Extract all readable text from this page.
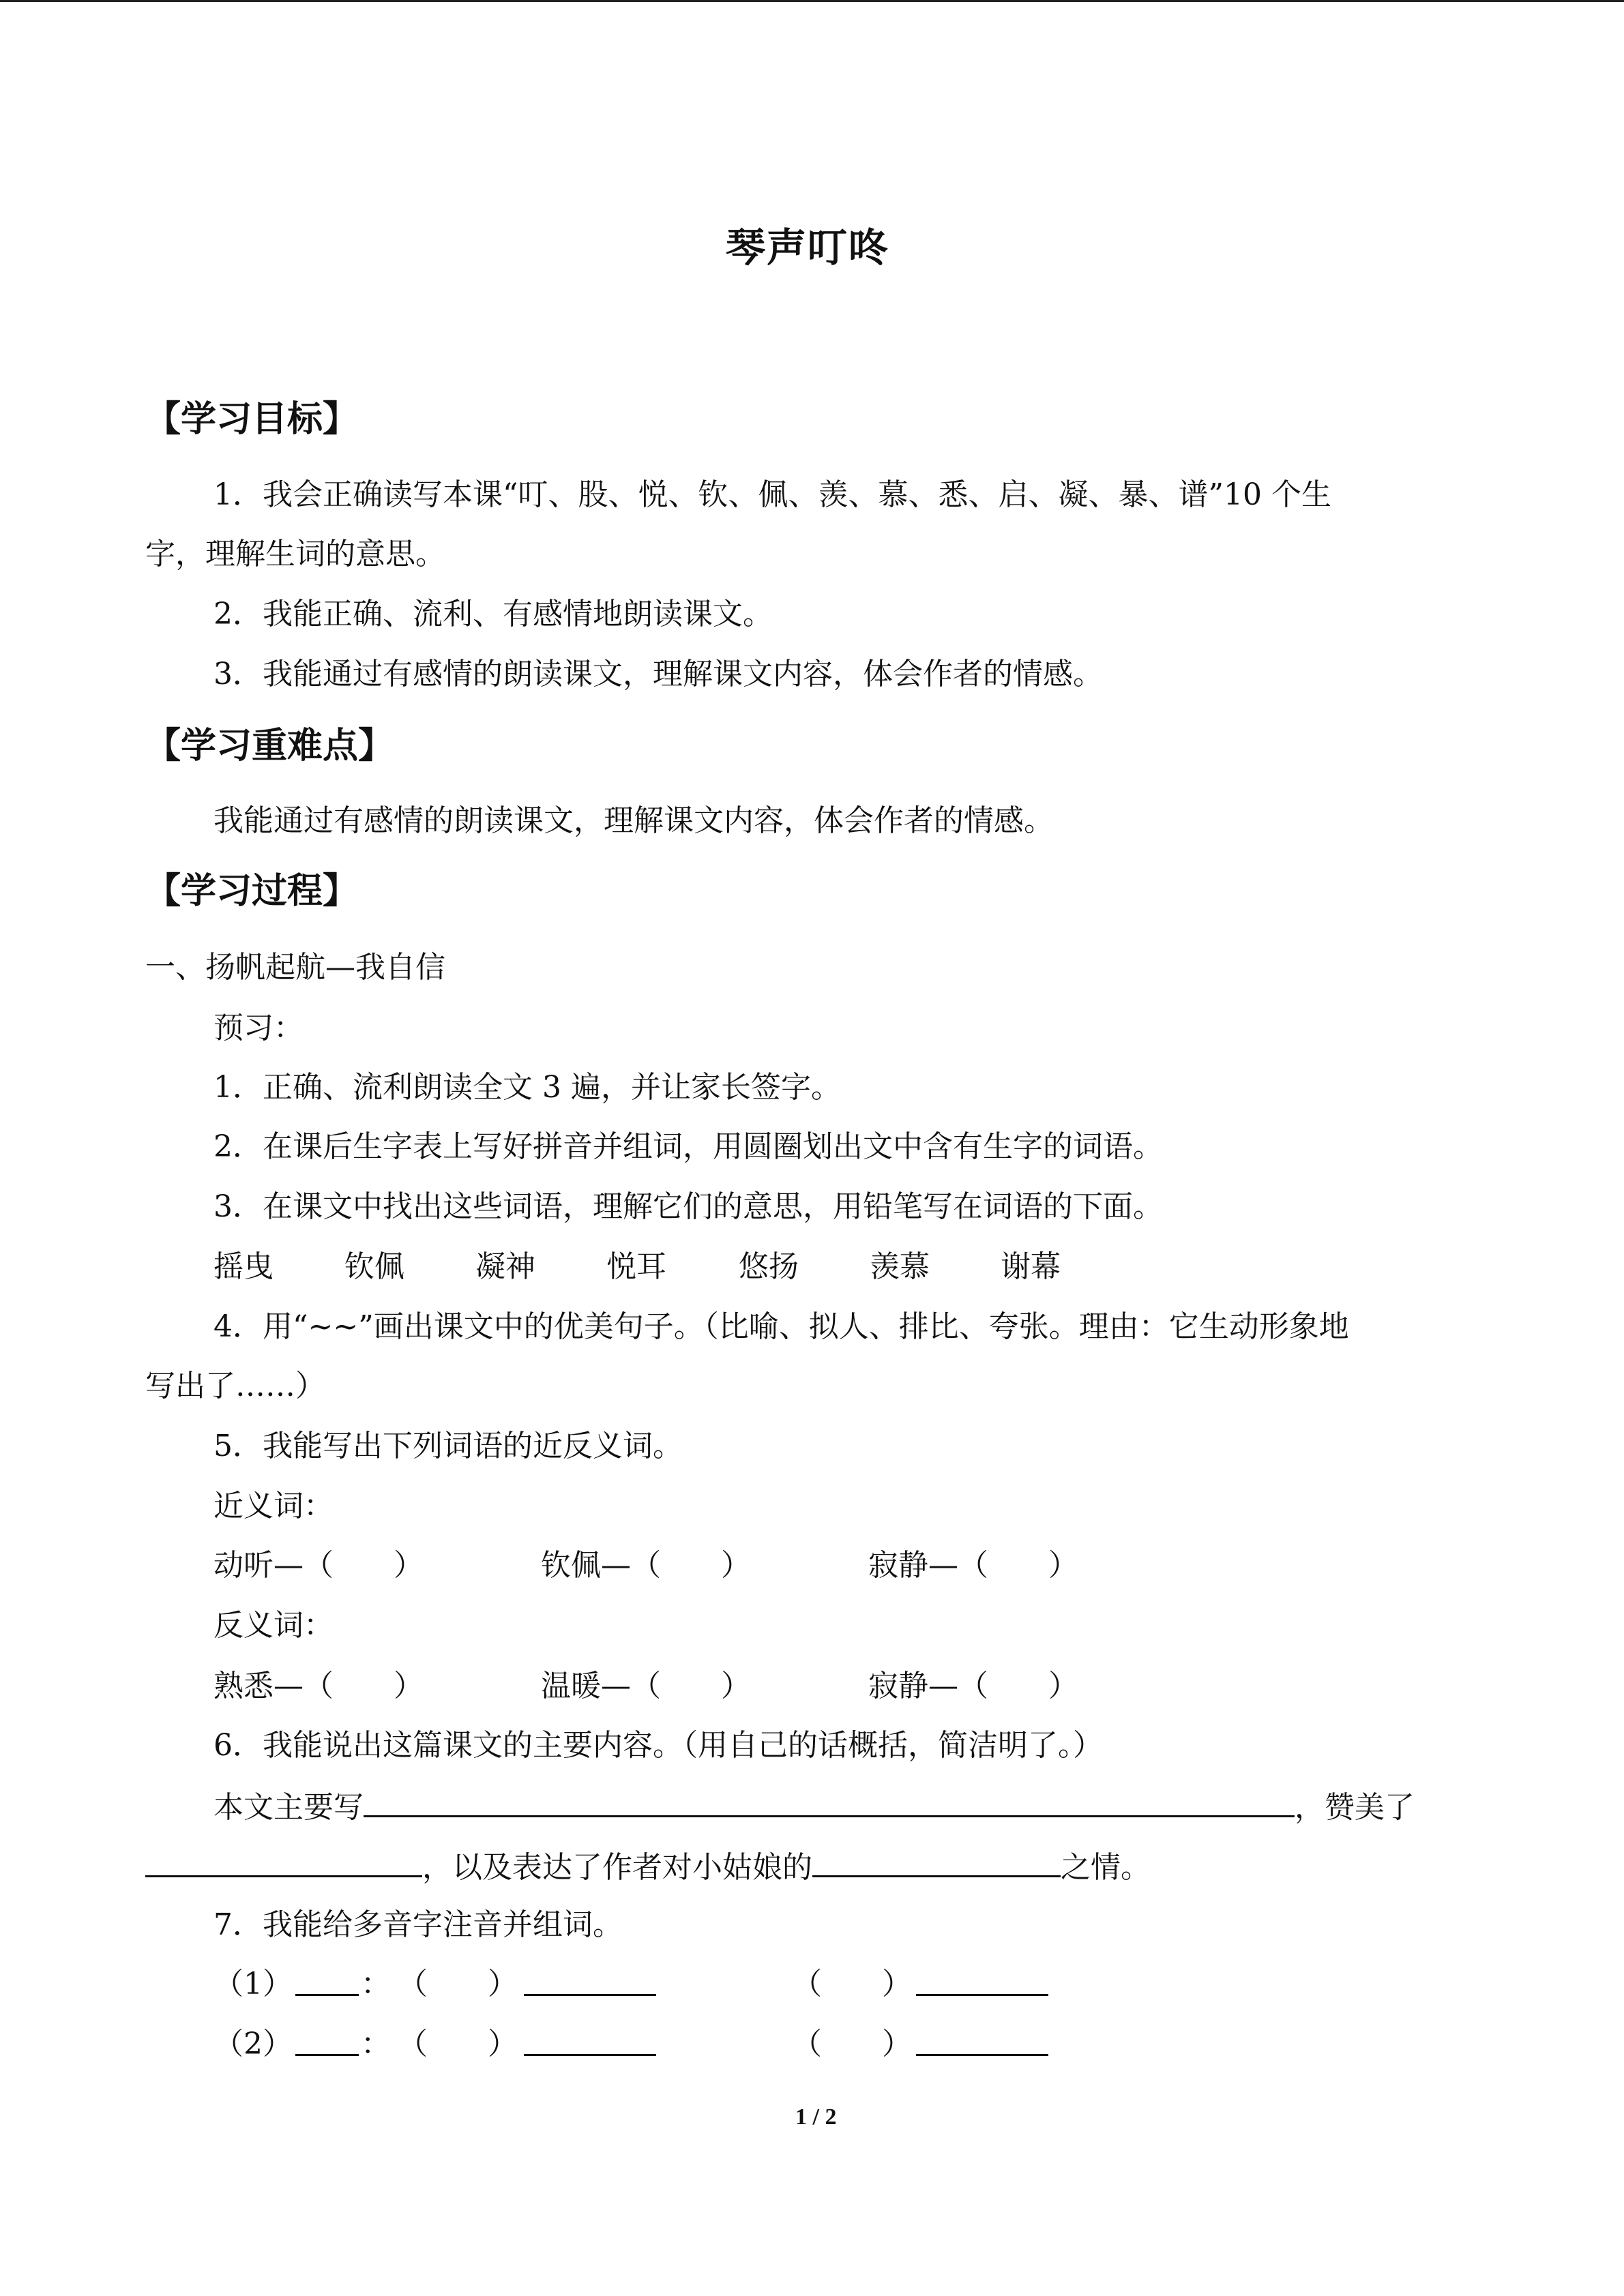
琴声叮咚
【学习目标】
1．我会正确读写本课“叮、股、悦、钦、佩、羡、慕、悉、启、凝、暴、谱”10 个生
字，理解生词的意思。
2．我能正确、流利、有感情地朗读课文。
3．我能通过有感情的朗读课文，理解课文内容，体会作者的情感。
【学习重难点】
我能通过有感情的朗读课文，理解课文内容，体会作者的情感。
【学习过程】
一、扬帆起航—我自信
预习：
1．正确、流利朗读全文 3 遍，并让家长签字。
2．在课后生字表上写好拼音并组词，用圆圈划出文中含有生字的词语。
3．在课文中找出这些词语，理解它们的意思，用铅笔写在词语的下面。
摇曳 钦佩 凝神 悦耳 悠扬 羡慕 谢幕
4．用“~~”画出课文中的优美句子。（比喻、拟人、排比、夸张。理由：它生动形象地
写出了……）
5．我能写出下列词语的近反义词。
近义词：
动听—（　　）	钦佩—（　　）	寂静—（　　）
反义词：
熟悉—（　　）	温暖—（　　）	寂静—（　　）
6．我能说出这篇课文的主要内容。（用自己的话概括，简洁明了。）
本文主要写	，赞美了
，以及表达了作者对小姑娘的	之情。
7．我能给多音字注音并组词。
（1） ： （　　）	（　　）
（2） ： （　　）	（　　）
1 / 2
